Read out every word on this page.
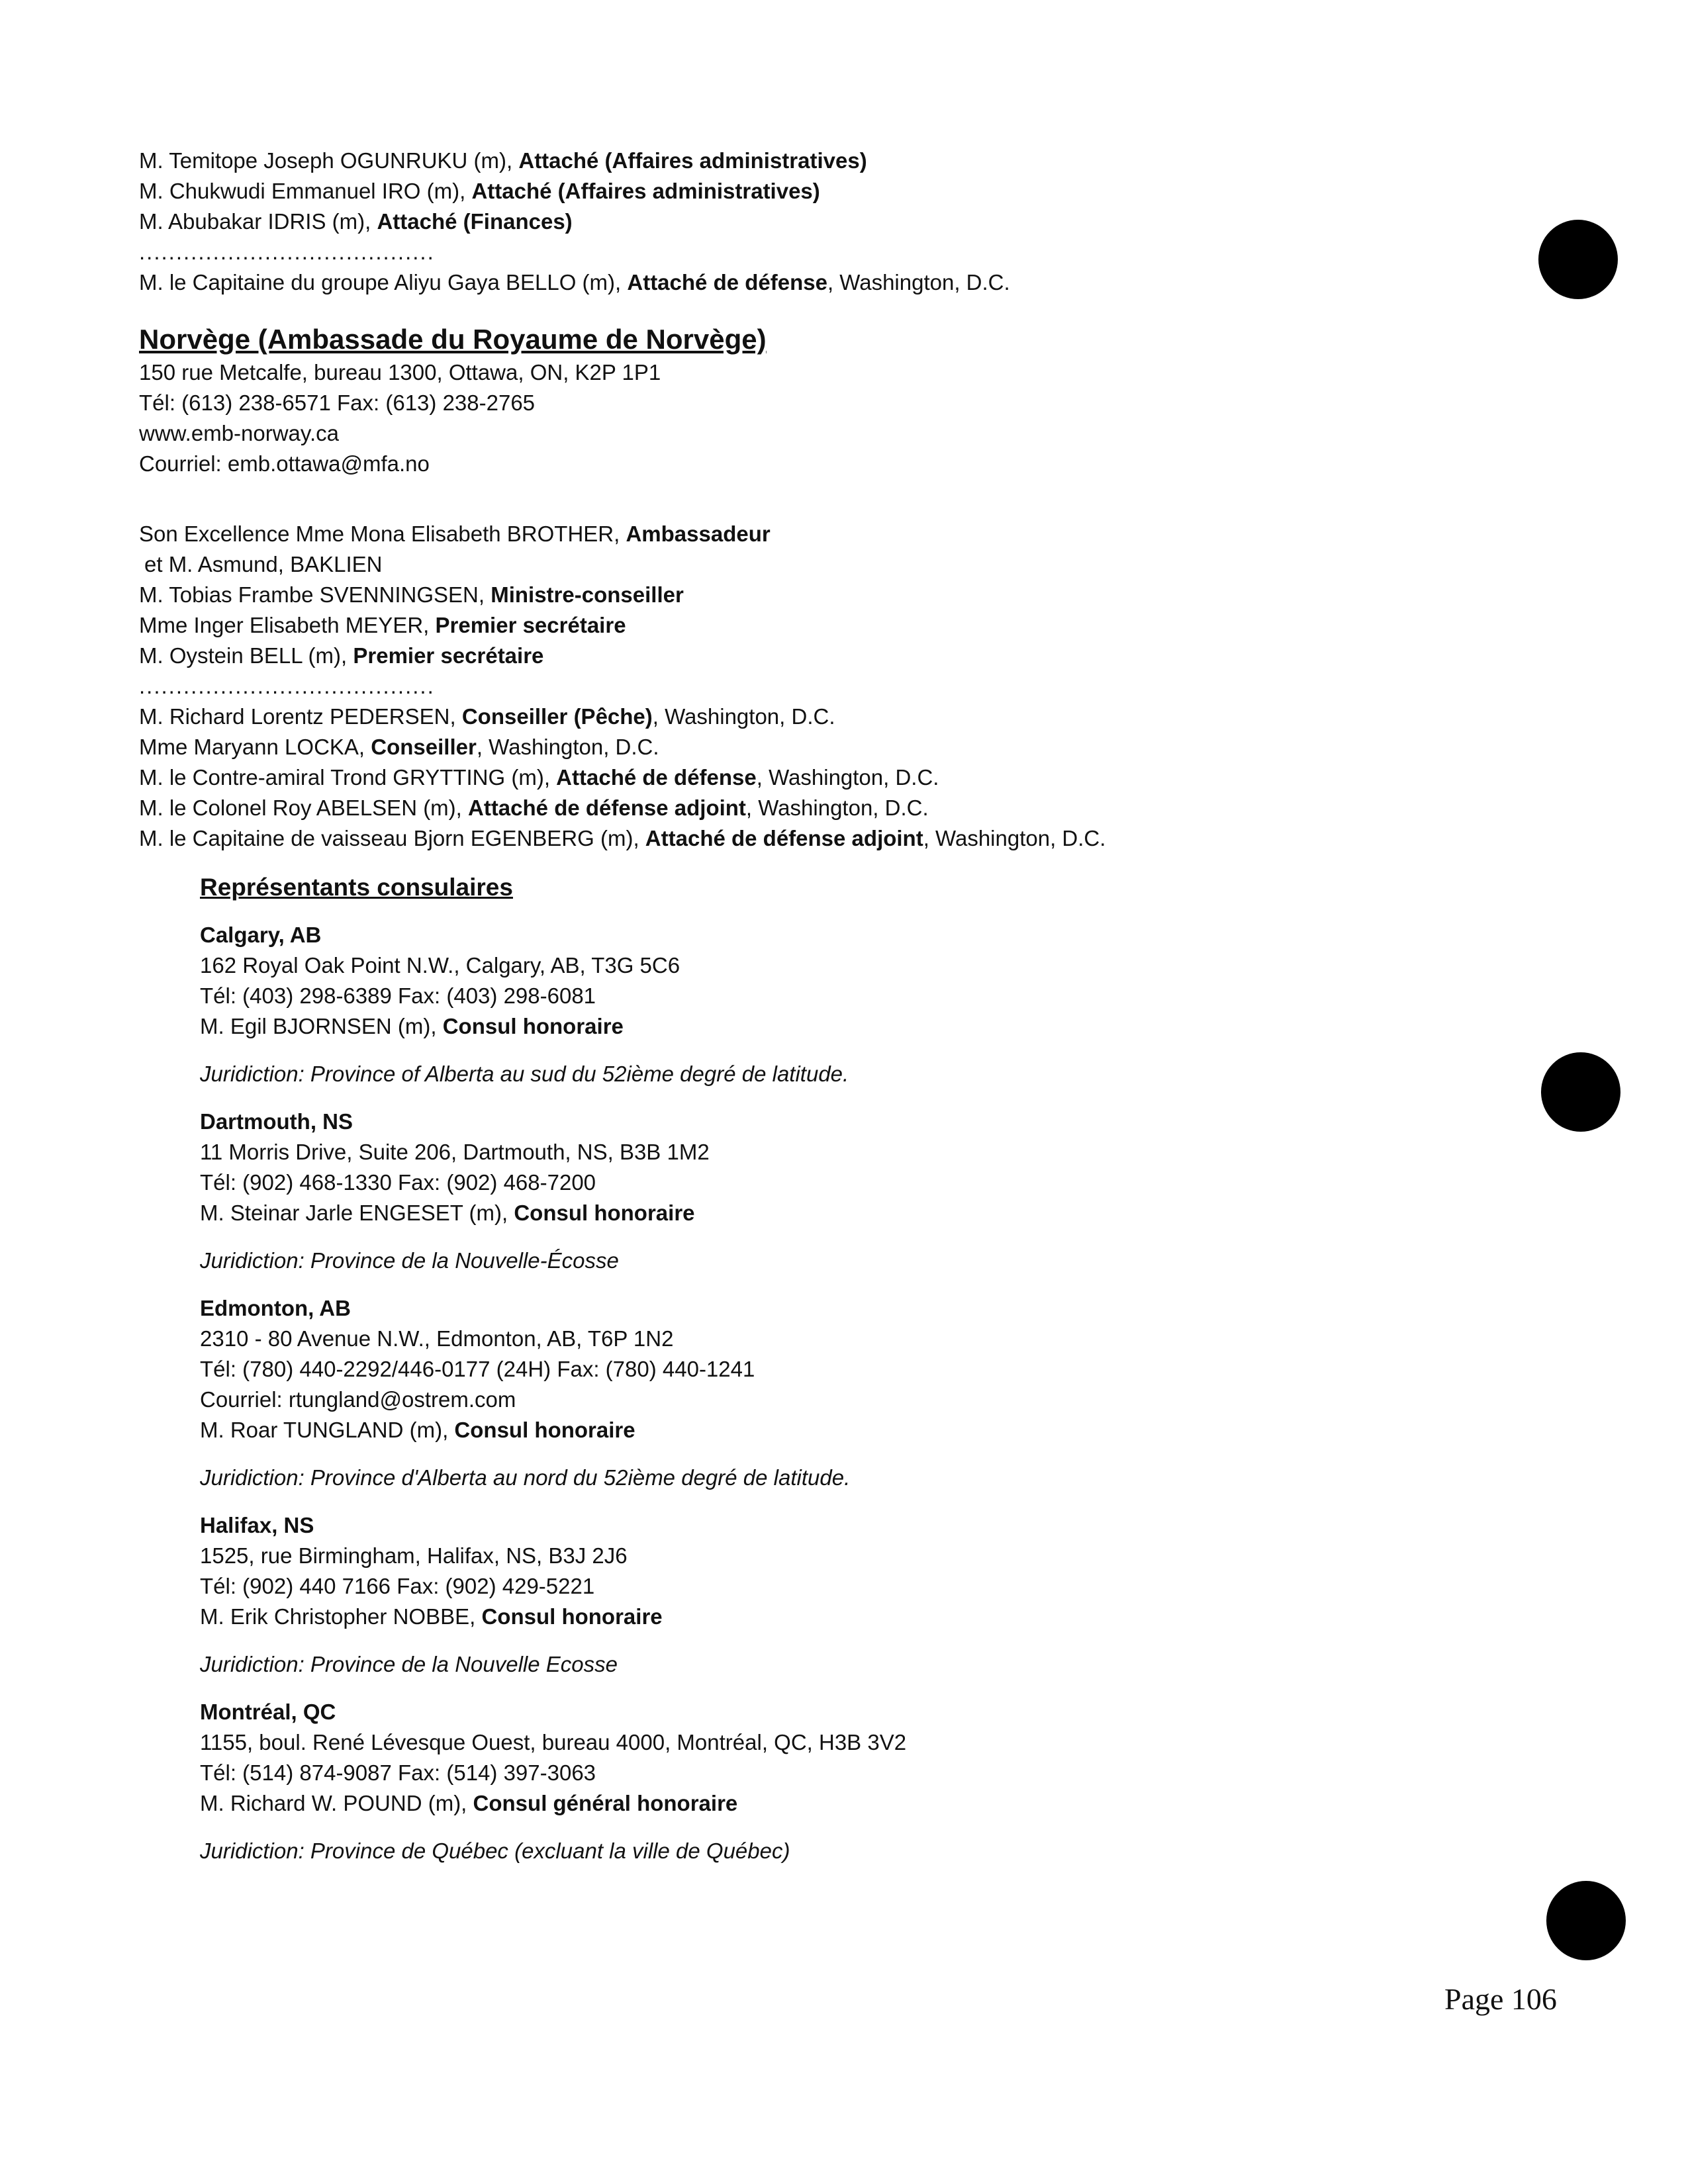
M. Temitope Joseph OGUNRUKU (m), Attaché (Affaires administratives)
M. Chukwudi Emmanuel IRO (m), Attaché (Affaires administratives)
M. Abubakar IDRIS (m), Attaché (Finances)
........................................
M. le Capitaine du groupe Aliyu Gaya BELLO (m), Attaché de défense, Washington, D.C.
Norvège (Ambassade du Royaume de Norvège)
150 rue Metcalfe, bureau 1300, Ottawa, ON, K2P 1P1
Tél: (613) 238-6571 Fax: (613) 238-2765
www.emb-norway.ca
Courriel: emb.ottawa@mfa.no
Son Excellence Mme Mona Elisabeth BROTHER, Ambassadeur
et M. Asmund, BAKLIEN
M. Tobias Frambe SVENNINGSEN, Ministre-conseiller
Mme Inger Elisabeth MEYER, Premier secrétaire
M. Oystein BELL (m), Premier secrétaire
........................................
M. Richard Lorentz PEDERSEN, Conseiller (Pêche), Washington, D.C.
Mme Maryann LOCKA, Conseiller, Washington, D.C.
M. le Contre-amiral Trond GRYTTING (m), Attaché de défense, Washington, D.C.
M. le Colonel Roy ABELSEN (m), Attaché de défense adjoint, Washington, D.C.
M. le Capitaine de vaisseau Bjorn EGENBERG (m), Attaché de défense adjoint, Washington, D.C.
Représentants consulaires
Calgary, AB
162 Royal Oak Point N.W., Calgary, AB, T3G 5C6
Tél: (403) 298-6389 Fax: (403) 298-6081
M. Egil BJORNSEN (m), Consul honoraire
Juridiction: Province of Alberta au sud du 52ième degré de latitude.
Dartmouth, NS
11 Morris Drive, Suite 206, Dartmouth, NS, B3B 1M2
Tél: (902) 468-1330 Fax: (902) 468-7200
M. Steinar Jarle ENGESET (m), Consul honoraire
Juridiction: Province de la Nouvelle-Écosse
Edmonton, AB
2310 - 80 Avenue N.W., Edmonton, AB, T6P 1N2
Tél: (780) 440-2292/446-0177 (24H) Fax: (780) 440-1241
Courriel: rtungland@ostrem.com
M. Roar TUNGLAND (m), Consul honoraire
Juridiction: Province d'Alberta au nord du 52ième degré de latitude.
Halifax, NS
1525, rue Birmingham, Halifax, NS, B3J 2J6
Tél: (902) 440 7166 Fax: (902) 429-5221
M. Erik Christopher NOBBE, Consul honoraire
Juridiction: Province de la Nouvelle Ecosse
Montréal, QC
1155, boul. René Lévesque Ouest, bureau 4000, Montréal, QC, H3B 3V2
Tél: (514) 874-9087 Fax: (514) 397-3063
M. Richard W. POUND (m), Consul général honoraire
Juridiction: Province de Québec (excluant la ville de Québec)
Page 106
